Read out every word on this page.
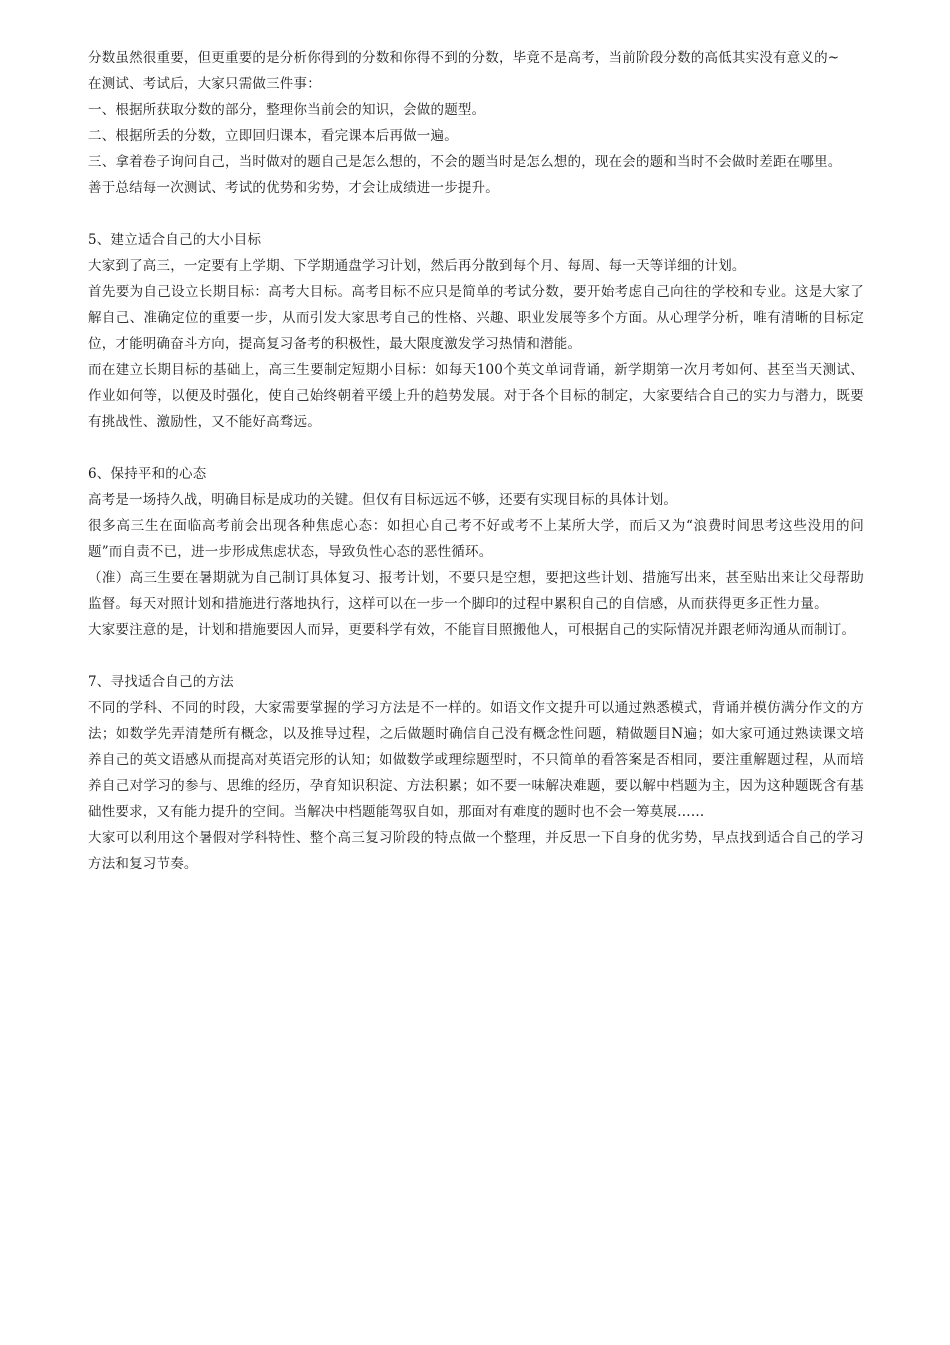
分数虽然很重要，但更重要的是分析你得到的分数和你得不到的分数，毕竟不是高考，当前阶段分数的高低其实没有意义的~

在测试、考试后，大家只需做三件事：

一、根据所获取分数的部分，整理你当前会的知识，会做的题型。

二、根据所丢的分数，立即回归课本，看完课本后再做一遍。

三、拿着卷子询问自己，当时做对的题自己是怎么想的，不会的题当时是怎么想的，现在会的题和当时不会做时差距在哪里。

善于总结每一次测试、考试的优势和劣势，才会让成绩进一步提升。

5、建立适合自己的大小目标

大家到了高三，一定要有上学期、下学期通盘学习计划，然后再分散到每个月、每周、每一天等详细的计划。

首先要为自己设立长期目标：高考大目标。高考目标不应只是简单的考试分数，要开始考虑自己向往的学校和专业。这是大家了解自己、准确定位的重要一步，从而引发大家思考自己的性格、兴趣、职业发展等多个方面。从心理学分析，唯有清晰的目标定位，才能明确奋斗方向，提高复习备考的积极性，最大限度激发学习热情和潜能。

而在建立长期目标的基础上，高三生要制定短期小目标：如每天100个英文单词背诵，新学期第一次月考如何、甚至当天测试、作业如何等，以便及时强化，使自己始终朝着平缓上升的趋势发展。对于各个目标的制定，大家要结合自己的实力与潜力，既要有挑战性、激励性，又不能好高骛远。

6、保持平和的心态

高考是一场持久战，明确目标是成功的关键。但仅有目标远远不够，还要有实现目标的具体计划。

很多高三生在面临高考前会出现各种焦虑心态：如担心自己考不好或考不上某所大学，而后又为“浪费时间思考这些没用的问题”而自责不已，进一步形成焦虑状态，导致负性心态的恶性循环。

（准）高三生要在暑期就为自己制订具体复习、报考计划，不要只是空想，要把这些计划、措施写出来，甚至贴出来让父母帮助监督。每天对照计划和措施进行落地执行，这样可以在一步一个脚印的过程中累积自己的自信感，从而获得更多正性力量。

大家要注意的是，计划和措施要因人而异，更要科学有效，不能盲目照搬他人，可根据自己的实际情况并跟老师沟通从而制订。

7、寻找适合自己的方法

不同的学科、不同的时段，大家需要掌握的学习方法是不一样的。如语文作文提升可以通过熟悉模式，背诵并模仿满分作文的方法；如数学先弄清楚所有概念，以及推导过程，之后做题时确信自己没有概念性问题，精做题目N遍；如大家可通过熟读课文培养自己的英文语感从而提高对英语完形的认知；如做数学或理综题型时，不只简单的看答案是否相同，要注重解题过程，从而培养自己对学习的参与、思维的经历，孕育知识积淀、方法积累；如不要一味解决难题，要以解中档题为主，因为这种题既含有基础性要求，又有能力提升的空间。当解决中档题能驾驭自如，那面对有难度的题时也不会一筹莫展……

大家可以利用这个暑假对学科特性、整个高三复习阶段的特点做一个整理，并反思一下自身的优劣势，早点找到适合自己的学习方法和复习节奏。
